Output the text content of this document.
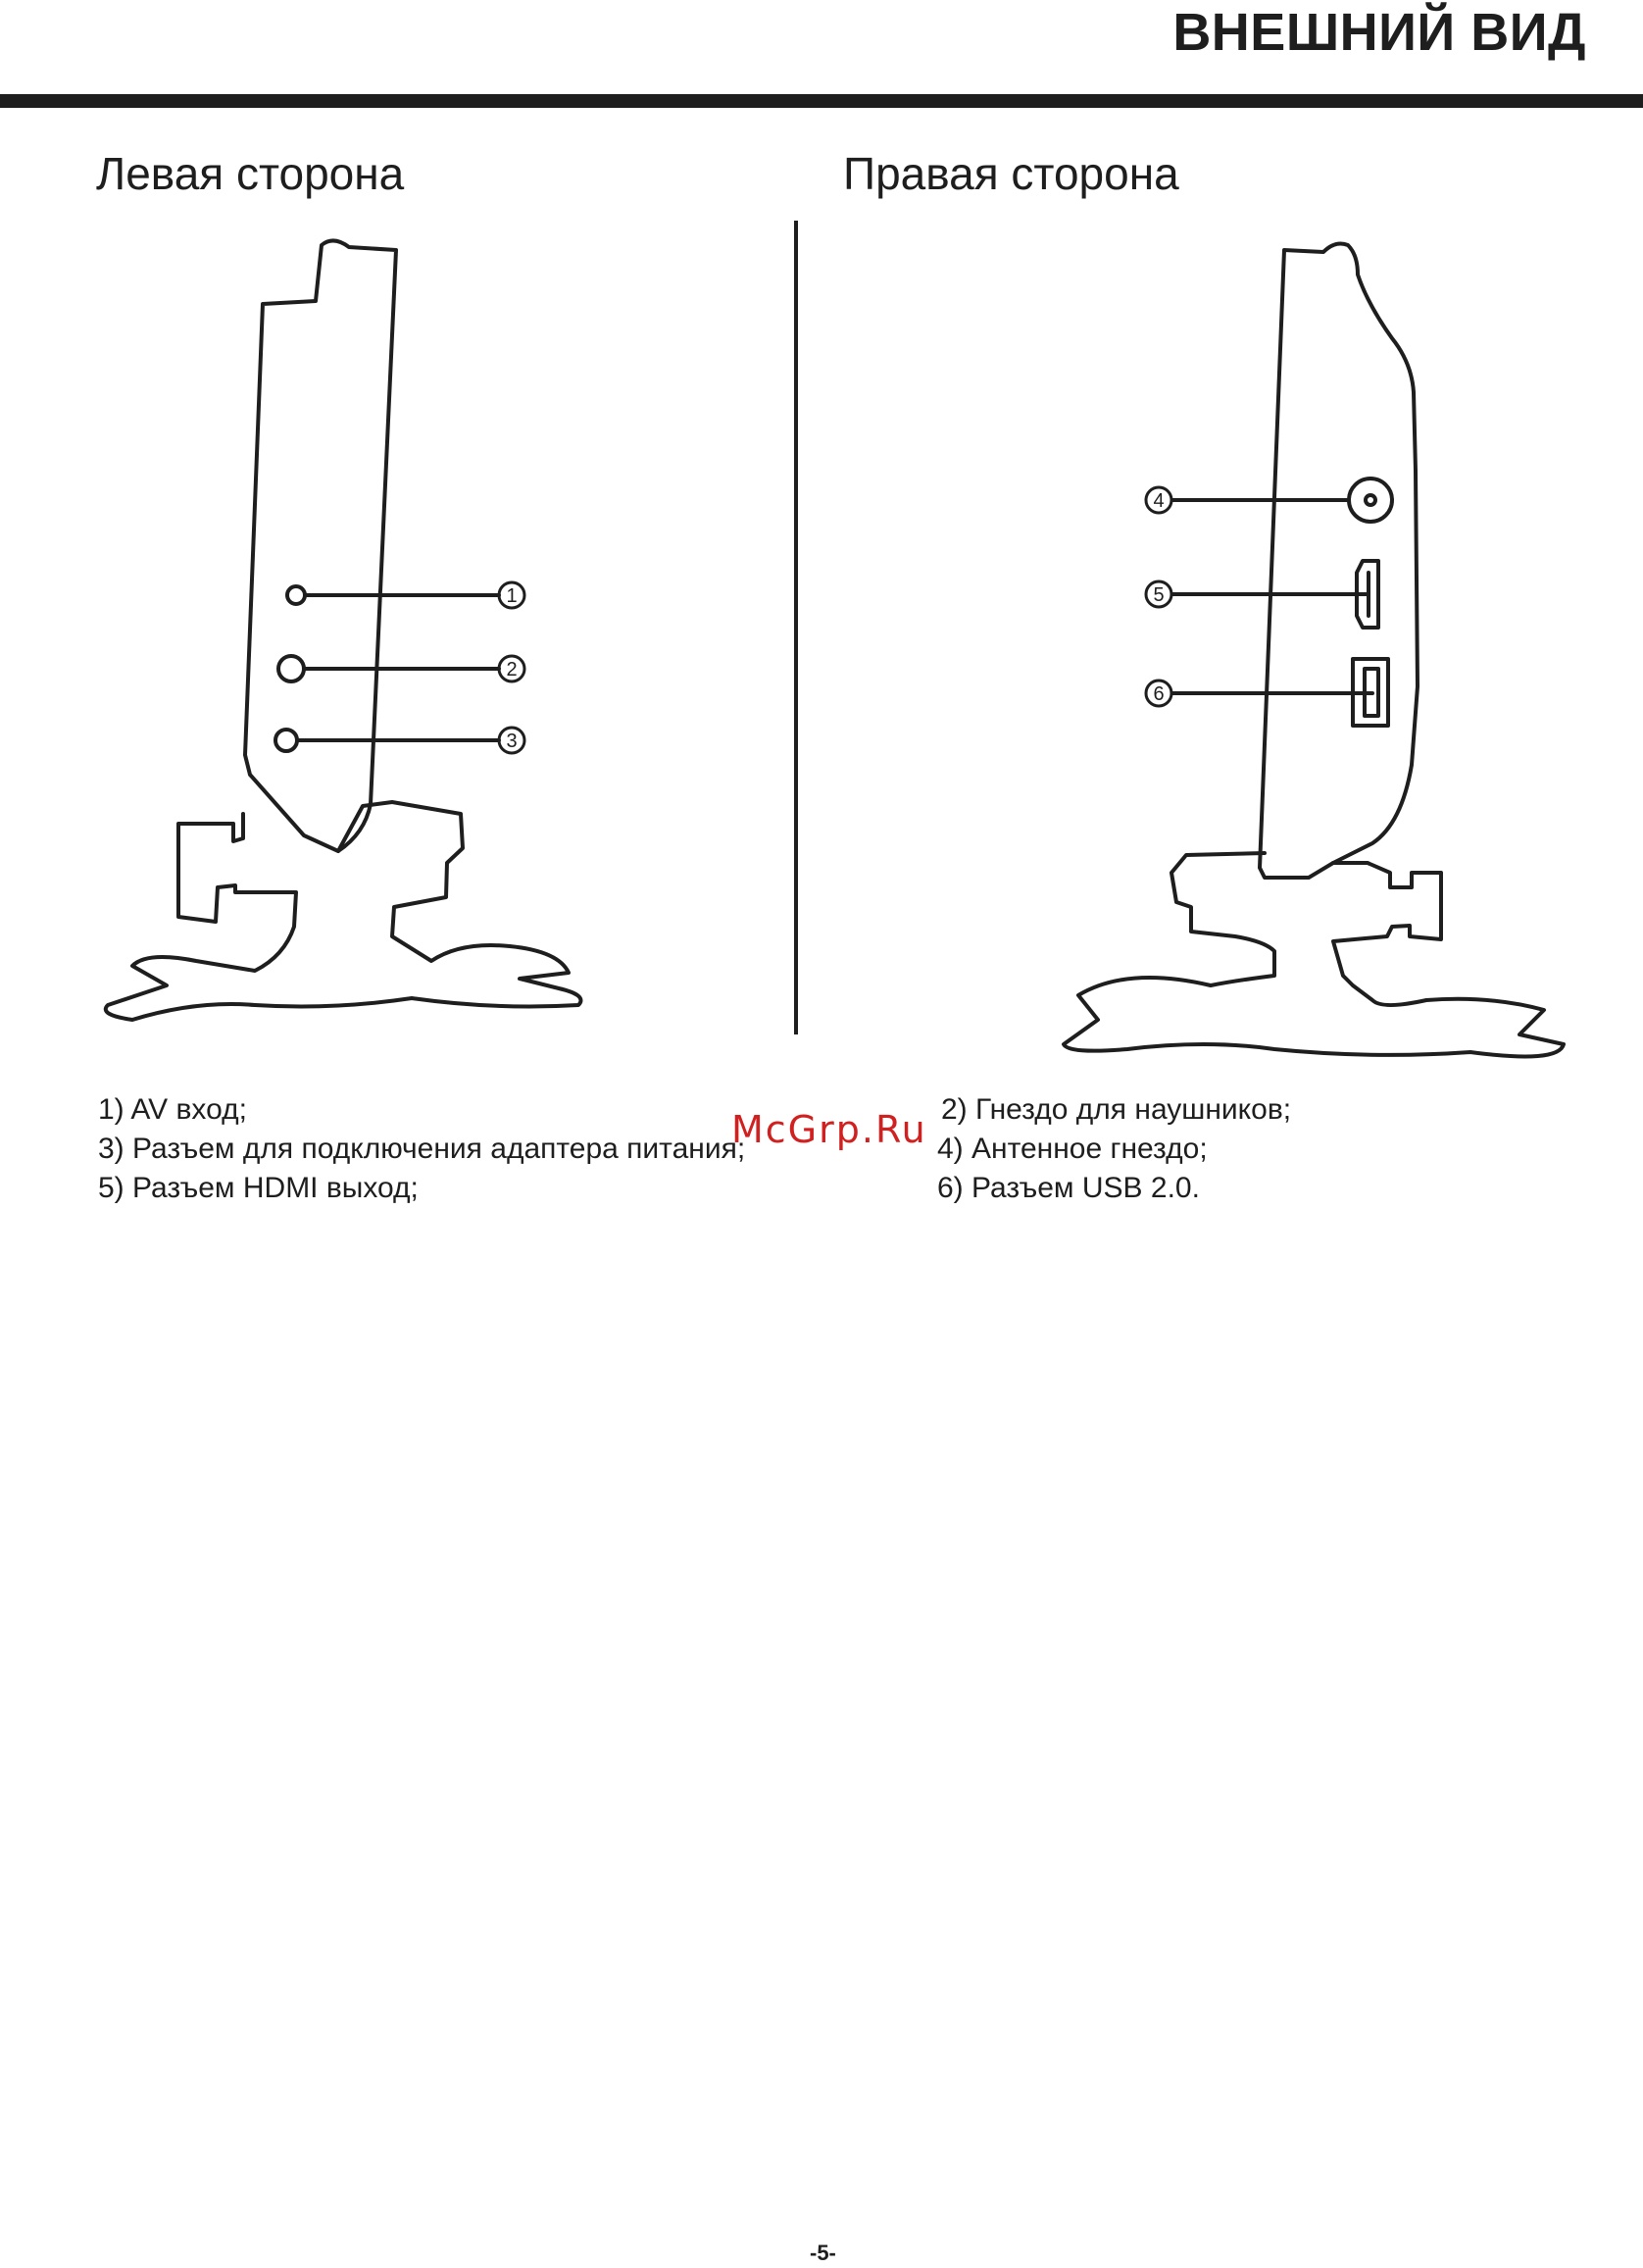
ВНЕШНИЙ ВИД
Левая сторона	Правая сторона
1
2
3
4
5
6
1) AV вход;	2) Гнездо для наушников;
3) Разъем для подключения адаптера питания;	4) Антенное гнездо;
5) Разъем HDMI выход;	6) Разъем USB 2.0.
McGrp.Ru
-5-
